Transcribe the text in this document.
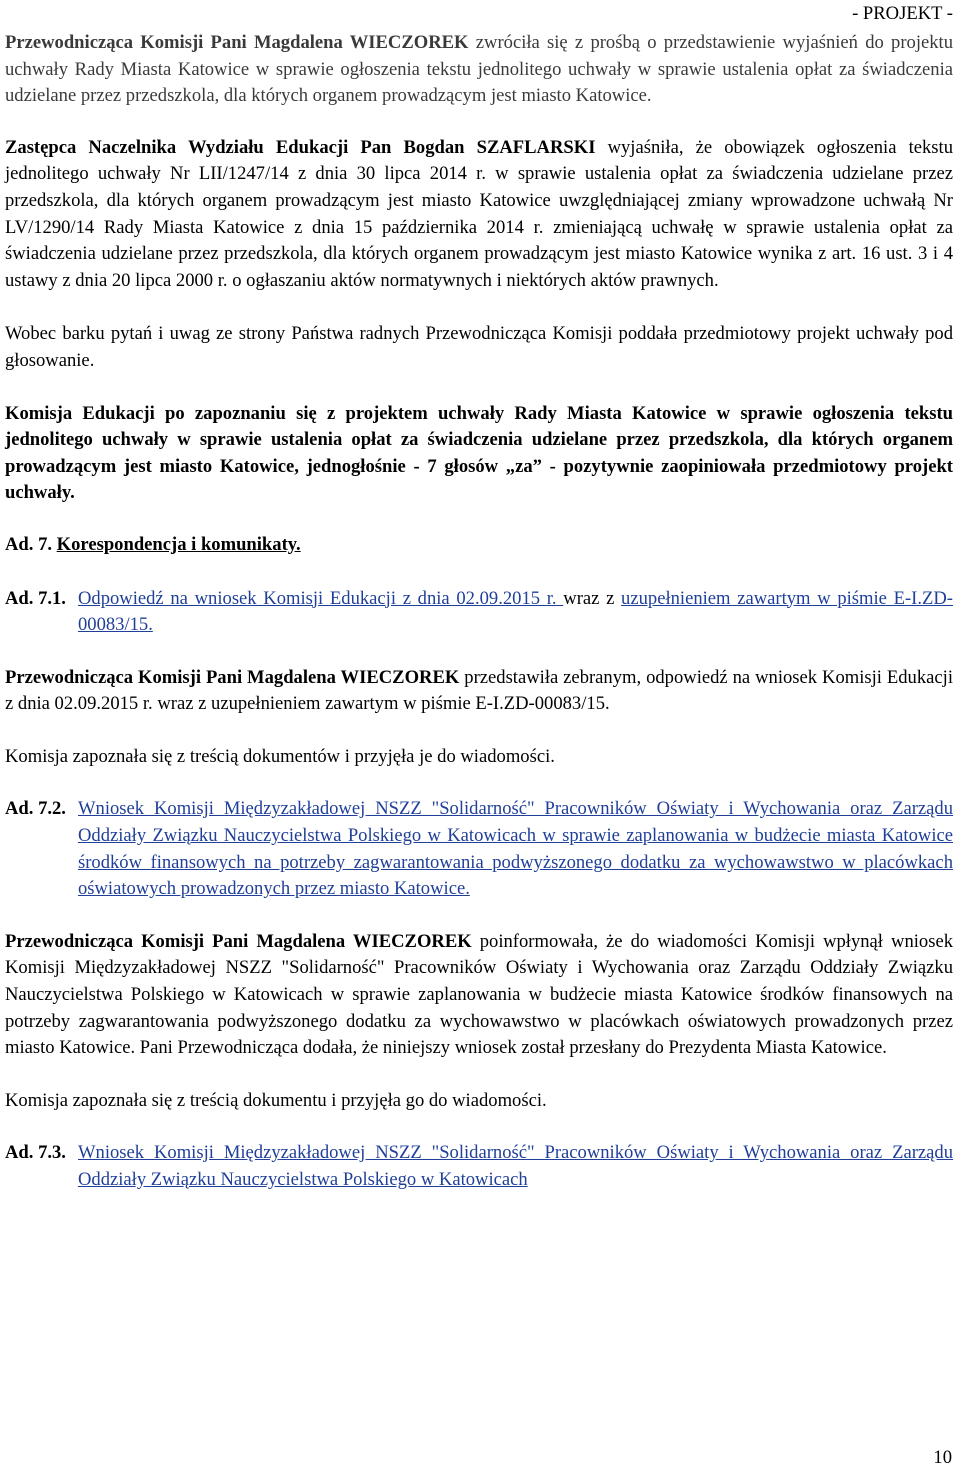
- PROJEKT -

Przewodnicząca Komisji Pani Magdalena WIECZOREK zwróciła się z prośbą o przedstawienie wyjaśnień do projektu uchwały Rady Miasta Katowice w sprawie ogłoszenia tekstu jednolitego uchwały w sprawie ustalenia opłat za świadczenia udzielane przez przedszkola, dla których organem prowadzącym jest miasto Katowice.

Zastępca Naczelnika Wydziału Edukacji Pan Bogdan SZAFLARSKI wyjaśniła, że obowiązek ogłoszenia tekstu jednolitego uchwały Nr LII/1247/14 z dnia 30 lipca 2014 r. w sprawie ustalenia opłat za świadczenia udzielane przez przedszkola, dla których organem prowadzącym jest miasto Katowice uwzględniającej zmiany wprowadzone uchwałą Nr LV/1290/14 Rady Miasta Katowice z dnia 15 października 2014 r. zmieniającą uchwałę w sprawie ustalenia opłat za świadczenia udzielane przez przedszkola, dla których organem prowadzącym jest miasto Katowice wynika z art. 16 ust. 3 i 4 ustawy z dnia 20 lipca 2000 r. o ogłaszaniu aktów normatywnych i niektórych aktów prawnych.

Wobec barku pytań i uwag ze strony Państwa radnych Przewodnicząca Komisji poddała przedmiotowy projekt uchwały pod głosowanie.

Komisja Edukacji po zapoznaniu się z projektem uchwały Rady Miasta Katowice w sprawie ogłoszenia tekstu jednolitego uchwały w sprawie ustalenia opłat za świadczenia udzielane przez przedszkola, dla których organem prowadzącym jest miasto Katowice, jednogłośnie - 7 głosów „za” - pozytywnie zaopiniowała przedmiotowy projekt uchwały.

Ad. 7. Korespondencja i komunikaty.
Ad. 7.1. Odpowiedź na wniosek Komisji Edukacji z dnia 02.09.2015 r. wraz z uzupełnieniem zawartym w piśmie E-I.ZD-00083/15.

Przewodnicząca Komisji Pani Magdalena WIECZOREK przedstawiła zebranym, odpowiedź na wniosek Komisji Edukacji z dnia 02.09.2015 r. wraz z uzupełnieniem zawartym w piśmie E-I.ZD-00083/15.

Komisja zapoznała się z treścią dokumentów i przyjęła je do wiadomości.

Ad. 7.2. Wniosek Komisji Międzyzakładowej NSZZ "Solidarność" Pracowników Oświaty i Wychowania oraz Zarządu Oddziały Związku Nauczycielstwa Polskiego w Katowicach w sprawie zaplanowania w budżecie miasta Katowice środków finansowych na potrzeby zagwarantowania podwyższonego dodatku za wychowawstwo w placówkach oświatowych prowadzonych przez miasto Katowice.

Przewodnicząca Komisji Pani Magdalena WIECZOREK poinformowała, że do wiadomości Komisji wpłynął wniosek Komisji Międzyzakładowej NSZZ "Solidarność" Pracowników Oświaty i Wychowania oraz Zarządu Oddziały Związku Nauczycielstwa Polskiego w Katowicach w sprawie zaplanowania w budżecie miasta Katowice środków finansowych na potrzeby zagwarantowania podwyższonego dodatku za wychowawstwo w placówkach oświatowych prowadzonych przez miasto Katowice. Pani Przewodnicząca dodała, że niniejszy wniosek został przesłany do Prezydenta Miasta Katowice.

Komisja zapoznała się z treścią dokumentu i przyjęła go do wiadomości.

Ad. 7.3. Wniosek Komisji Międzyzakładowej NSZZ "Solidarność" Pracowników Oświaty i Wychowania oraz Zarządu Oddziały Związku Nauczycielstwa Polskiego w Katowicach
10
